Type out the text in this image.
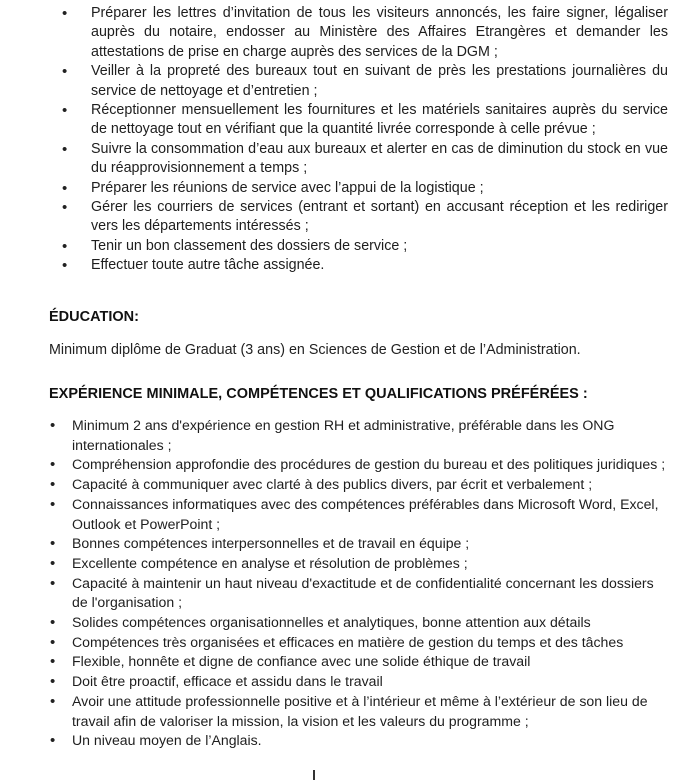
• Préparer les lettres d’invitation de tous les visiteurs annoncés, les faire signer, légaliser auprès du notaire, endosser au Ministère des Affaires Etrangères et demander les attestations de prise en charge auprès des services de la DGM ;
• Veiller à la propreté des bureaux tout en suivant de près les prestations journalières du service de nettoyage et d’entretien ;
• Réceptionner mensuellement les fournitures et les matériels sanitaires auprès du service de nettoyage tout en vérifiant que la quantité livrée corresponde à celle prévue ;
• Suivre la consommation d’eau aux bureaux et alerter en cas de diminution du stock en vue du réapprovisionnement a temps ;
• Préparer les réunions de service avec l’appui de la logistique ;
• Gérer les courriers de services (entrant et sortant) en accusant réception et les rediriger vers les départements intéressés ;
• Tenir un bon classement des dossiers de service ;
• Effectuer toute autre tâche assignée.
ÉDUCATION:

Minimum diplôme de Graduat (3 ans) en Sciences de Gestion et de l’Administration.

EXPÉRIENCE MINIMALE, COMPÉTENCES ET QUALIFICATIONS PRÉFÉRÉES :
• Minimum 2 ans d'expérience en gestion RH et administrative, préférable dans les ONG internationales ;
• Compréhension approfondie des procédures de gestion du bureau et des politiques juridiques ;
• Capacité à communiquer avec clarté à des publics divers, par écrit et verbalement ;
• Connaissances informatiques avec des compétences préférables dans Microsoft Word, Excel, Outlook et PowerPoint ;
• Bonnes compétences interpersonnelles et de travail en équipe ;
• Excellente compétence en analyse et résolution de problèmes ;
• Capacité à maintenir un haut niveau d'exactitude et de confidentialité concernant les dossiers de l'organisation ;
• Solides compétences organisationnelles et analytiques, bonne attention aux détails
• Compétences très organisées et efficaces en matière de gestion du temps et des tâches
• Flexible, honnête et digne de confiance avec une solide éthique de travail
• Doit être proactif, efficace et assidu dans le travail
• Avoir une attitude professionnelle positive et à l’intérieur et même à l’extérieur de son lieu de travail afin de valoriser la mission, la vision et les valeurs du programme ;
• Un niveau moyen de l’Anglais.
